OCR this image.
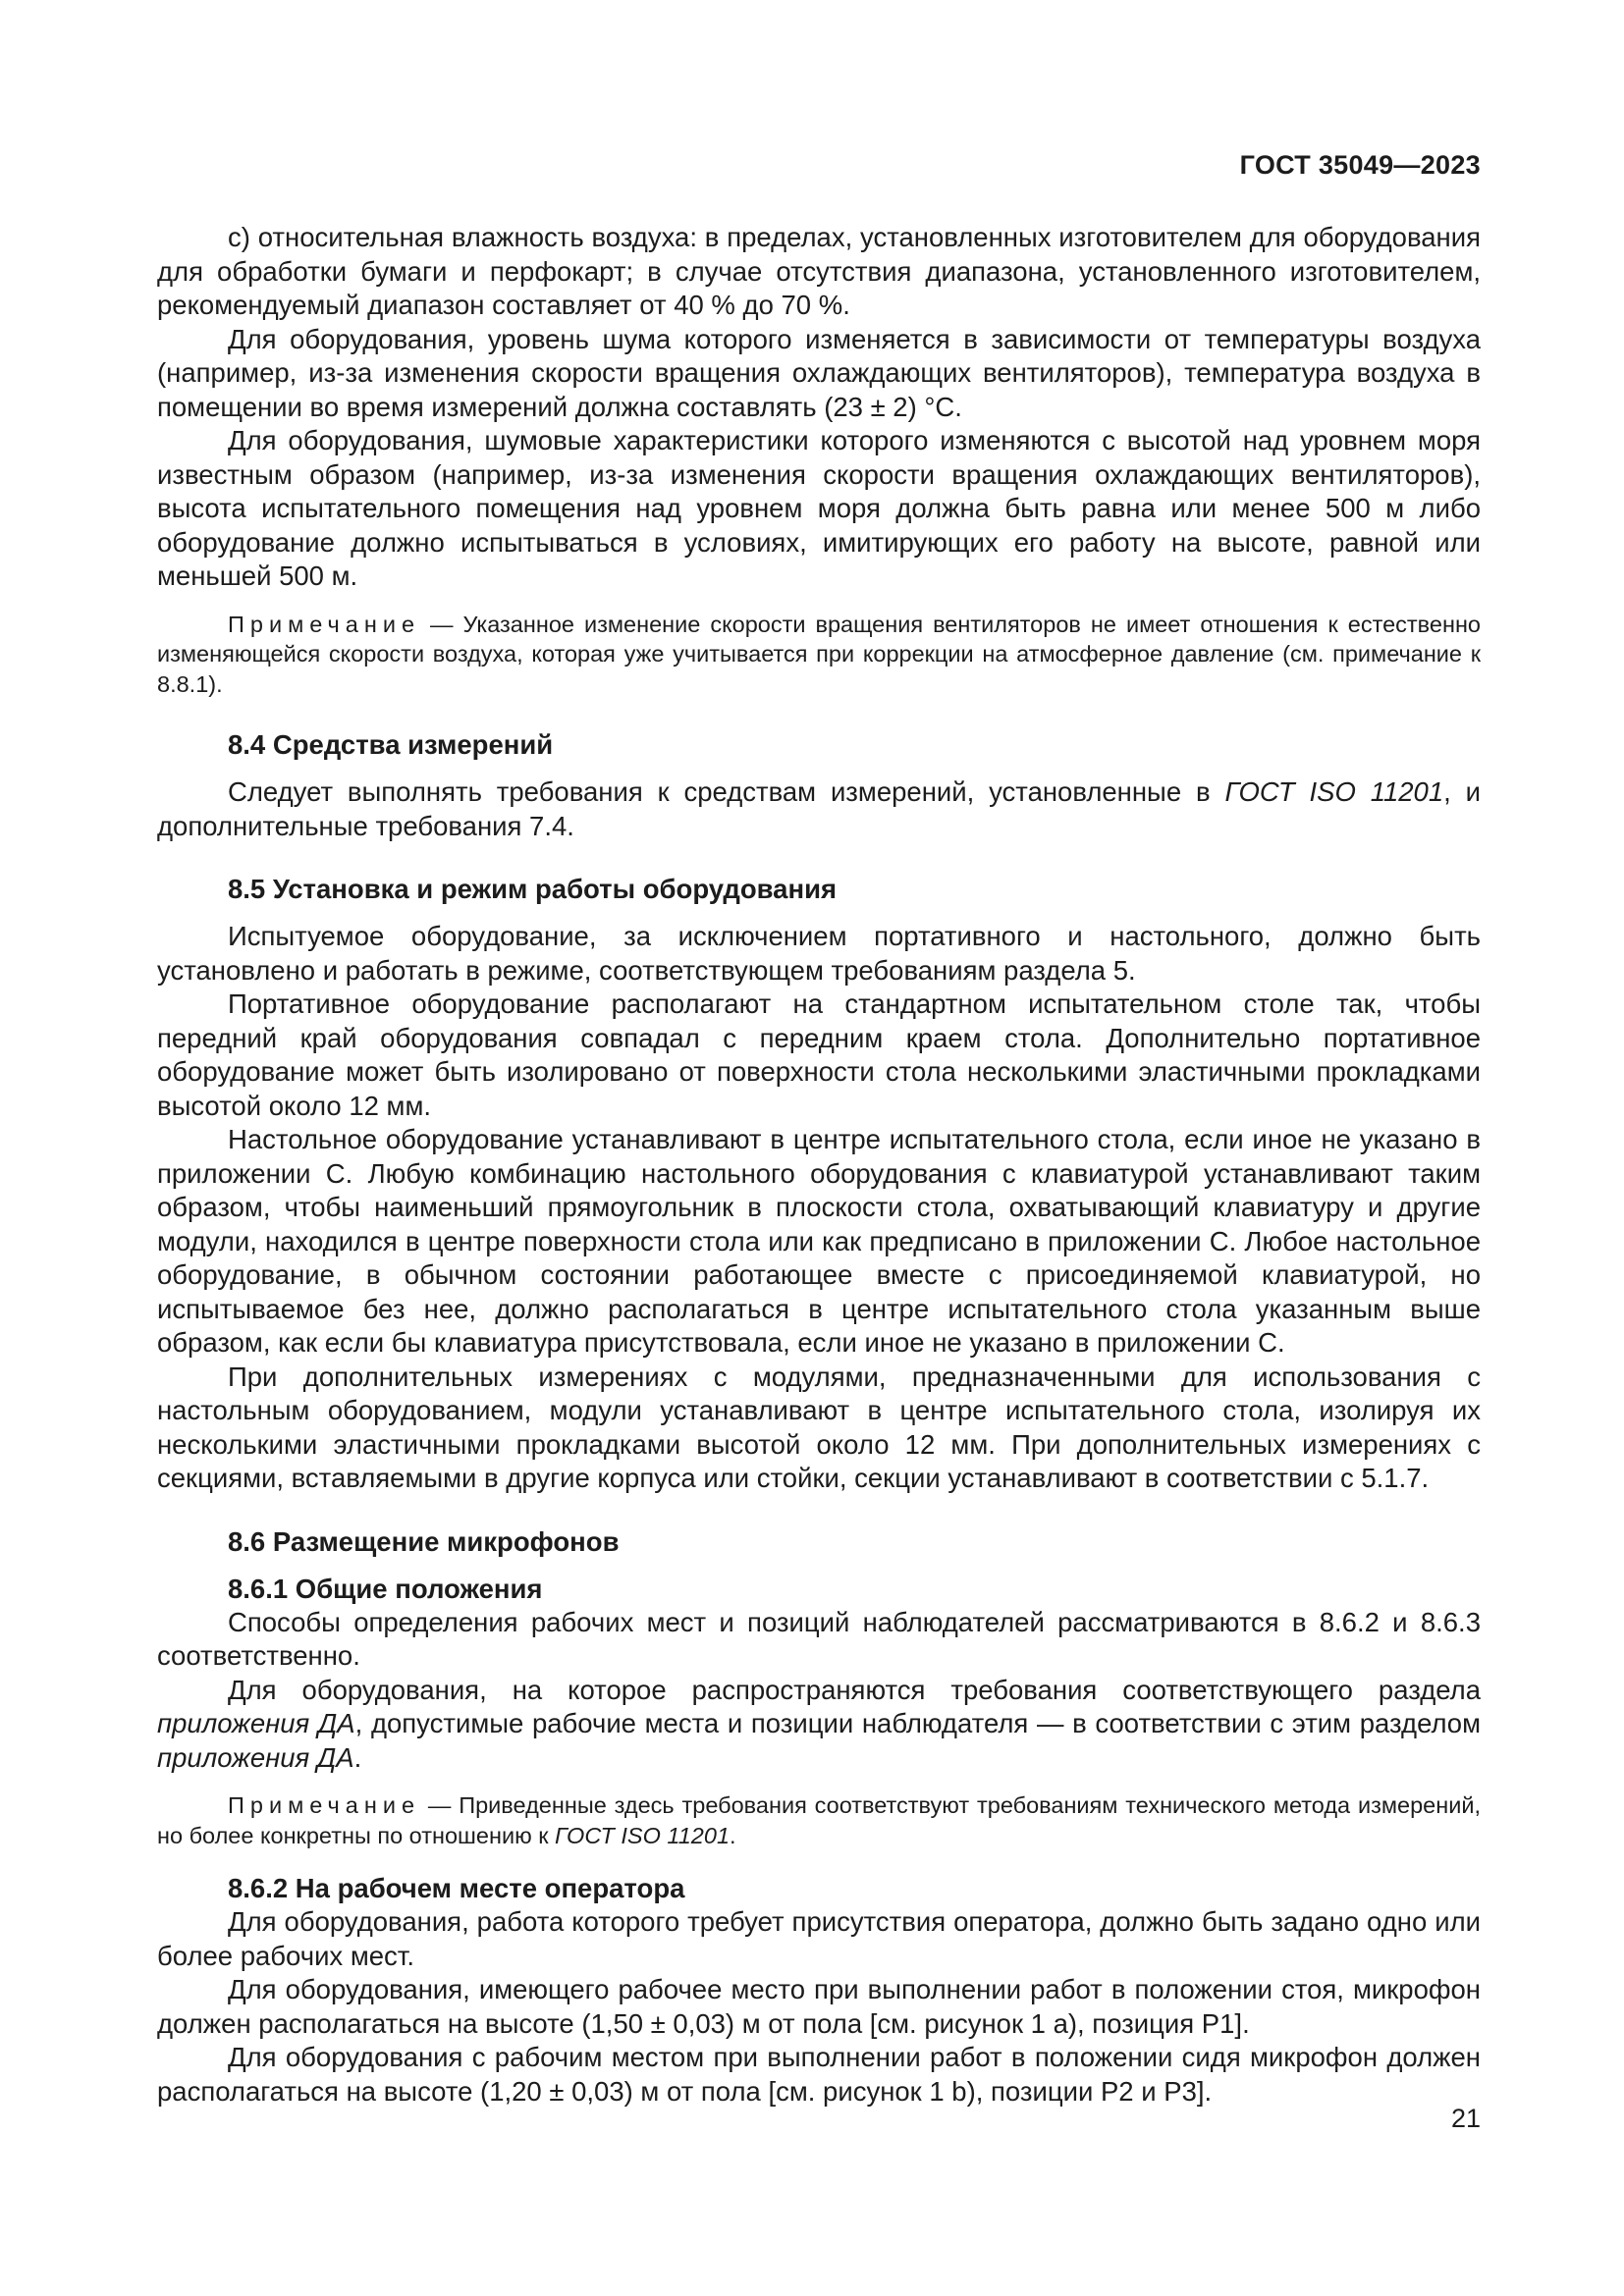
ГОСТ 35049—2023

с) относительная влажность воздуха: в пределах, установленных изготовителем для оборудования для обработки бумаги и перфокарт; в случае отсутствия диапазона, установленного изготовителем, рекомендуемый диапазон составляет от 40 % до 70 %.

Для оборудования, уровень шума которого изменяется в зависимости от температуры воздуха (например, из-за изменения скорости вращения охлаждающих вентиляторов), температура воздуха в помещении во время измерений должна составлять (23 ± 2) °С.

Для оборудования, шумовые характеристики которого изменяются с высотой над уровнем моря известным образом (например, из-за изменения скорости вращения охлаждающих вентиляторов), высота испытательного помещения над уровнем моря должна быть равна или менее 500 м либо оборудование должно испытываться в условиях, имитирующих его работу на высоте, равной или меньшей 500 м.

Примечание — Указанное изменение скорости вращения вентиляторов не имеет отношения к естественно изменяющейся скорости воздуха, которая уже учитывается при коррекции на атмосферное давление (см. примечание к 8.8.1).
8.4 Средства измерений

Следует выполнять требования к средствам измерений, установленные в ГОСТ ISO 11201, и дополнительные требования 7.4.

8.5 Установка и режим работы оборудования

Испытуемое оборудование, за исключением портативного и настольного, должно быть установлено и работать в режиме, соответствующем требованиям раздела 5.

Портативное оборудование располагают на стандартном испытательном столе так, чтобы передний край оборудования совпадал с передним краем стола. Дополнительно портативное оборудование может быть изолировано от поверхности стола несколькими эластичными прокладками высотой около 12 мм.

Настольное оборудование устанавливают в центре испытательного стола, если иное не указано в приложении С. Любую комбинацию настольного оборудования с клавиатурой устанавливают таким образом, чтобы наименьший прямоугольник в плоскости стола, охватывающий клавиатуру и другие модули, находился в центре поверхности стола или как предписано в приложении С. Любое настольное оборудование, в обычном состоянии работающее вместе с присоединяемой клавиатурой, но испытываемое без нее, должно располагаться в центре испытательного стола указанным выше образом, как если бы клавиатура присутствовала, если иное не указано в приложении С.

При дополнительных измерениях с модулями, предназначенными для использования с настольным оборудованием, модули устанавливают в центре испытательного стола, изолируя их несколькими эластичными прокладками высотой около 12 мм. При дополнительных измерениях с секциями, вставляемыми в другие корпуса или стойки, секции устанавливают в соответствии с 5.1.7.

8.6 Размещение микрофонов
8.6.1 Общие положения

Способы определения рабочих мест и позиций наблюдателей рассматриваются в 8.6.2 и 8.6.3 соответственно.

Для оборудования, на которое распространяются требования соответствующего раздела приложения ДА, допустимые рабочие места и позиции наблюдателя — в соответствии с этим разделом приложения ДА.

Примечание — Приведенные здесь требования соответствуют требованиям технического метода измерений, но более конкретны по отношению к ГОСТ ISO 11201.
8.6.2 На рабочем месте оператора

Для оборудования, работа которого требует присутствия оператора, должно быть задано одно или более рабочих мест.

Для оборудования, имеющего рабочее место при выполнении работ в положении стоя, микрофон должен располагаться на высоте (1,50 ± 0,03) м от пола [см. рисунок 1 a), позиция Р1].

Для оборудования с рабочим местом при выполнении работ в положении сидя микрофон должен располагаться на высоте (1,20 ± 0,03) м от пола [см. рисунок 1 b), позиции Р2 и Р3].

21
